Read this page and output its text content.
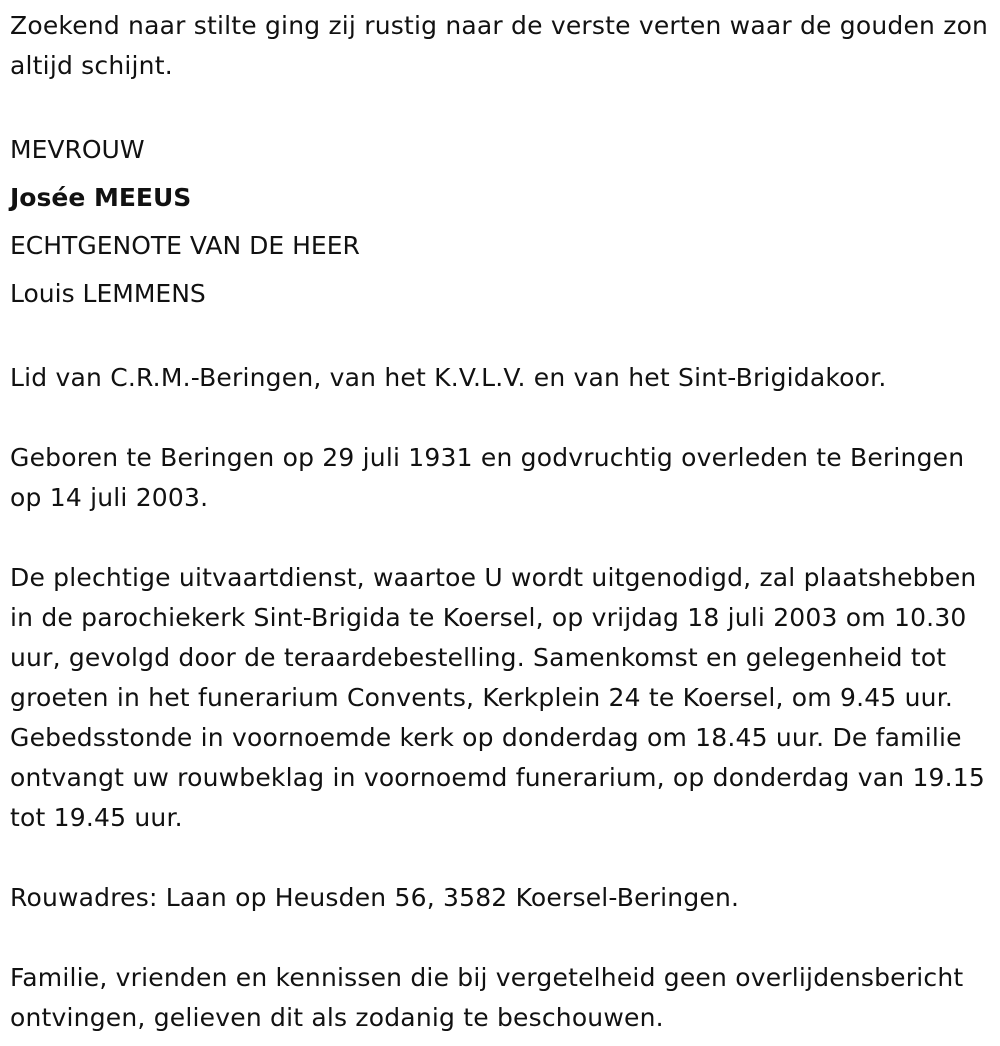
Zoekend naar stilte ging zij rustig naar de verste verten waar de gouden zon altijd schijnt.

MEVROUW
Josée MEEUS
ECHTGENOTE VAN DE HEER
Louis LEMMENS

Lid van C.R.M.-Beringen, van het K.V.L.V. en van het Sint-Brigidakoor.

Geboren te Beringen op 29 juli 1931 en godvruchtig overleden te Beringen op 14 juli 2003.

De plechtige uitvaartdienst, waartoe U wordt uitgenodigd, zal plaatshebben in de parochiekerk Sint-Brigida te Koersel, op vrijdag 18 juli 2003 om 10.30 uur, gevolgd door de teraardebestelling. Samenkomst en gelegenheid tot groeten in het funerarium Convents, Kerkplein 24 te Koersel, om 9.45 uur. Gebedsstonde in voornoemde kerk op donderdag om 18.45 uur. De familie ontvangt uw rouwbeklag in voornoemd funerarium, op donderdag van 19.15 tot 19.45 uur.

Rouwadres: Laan op Heusden 56, 3582 Koersel-Beringen.

Familie, vrienden en kennissen die bij vergetelheid geen overlijdensbericht ontvingen, gelieven dit als zodanig te beschouwen.
